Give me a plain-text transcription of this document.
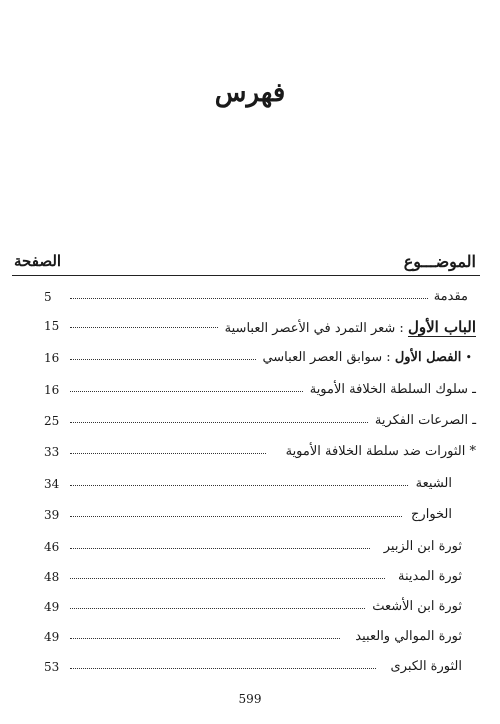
فهرس
الموضـــوع
الصفحة
مقدمة
5
الباب الأول : شعر التمرد في الأعصر العباسية
15
• الفصل الأول : سوابق العصر العباسي
16
ـ سلوك السلطة الخلافة الأموية
16
ـ الصرعات الفكرية
25
* الثورات ضد سلطة الخلافة الأموية
33
الشيعة
34
الخوارج
39
ثورة ابن الزبير
46
ثورة المدينة
48
ثورة ابن الأشعث
49
ثورة الموالي والعبيد
49
الثورة الكبرى
53
599
